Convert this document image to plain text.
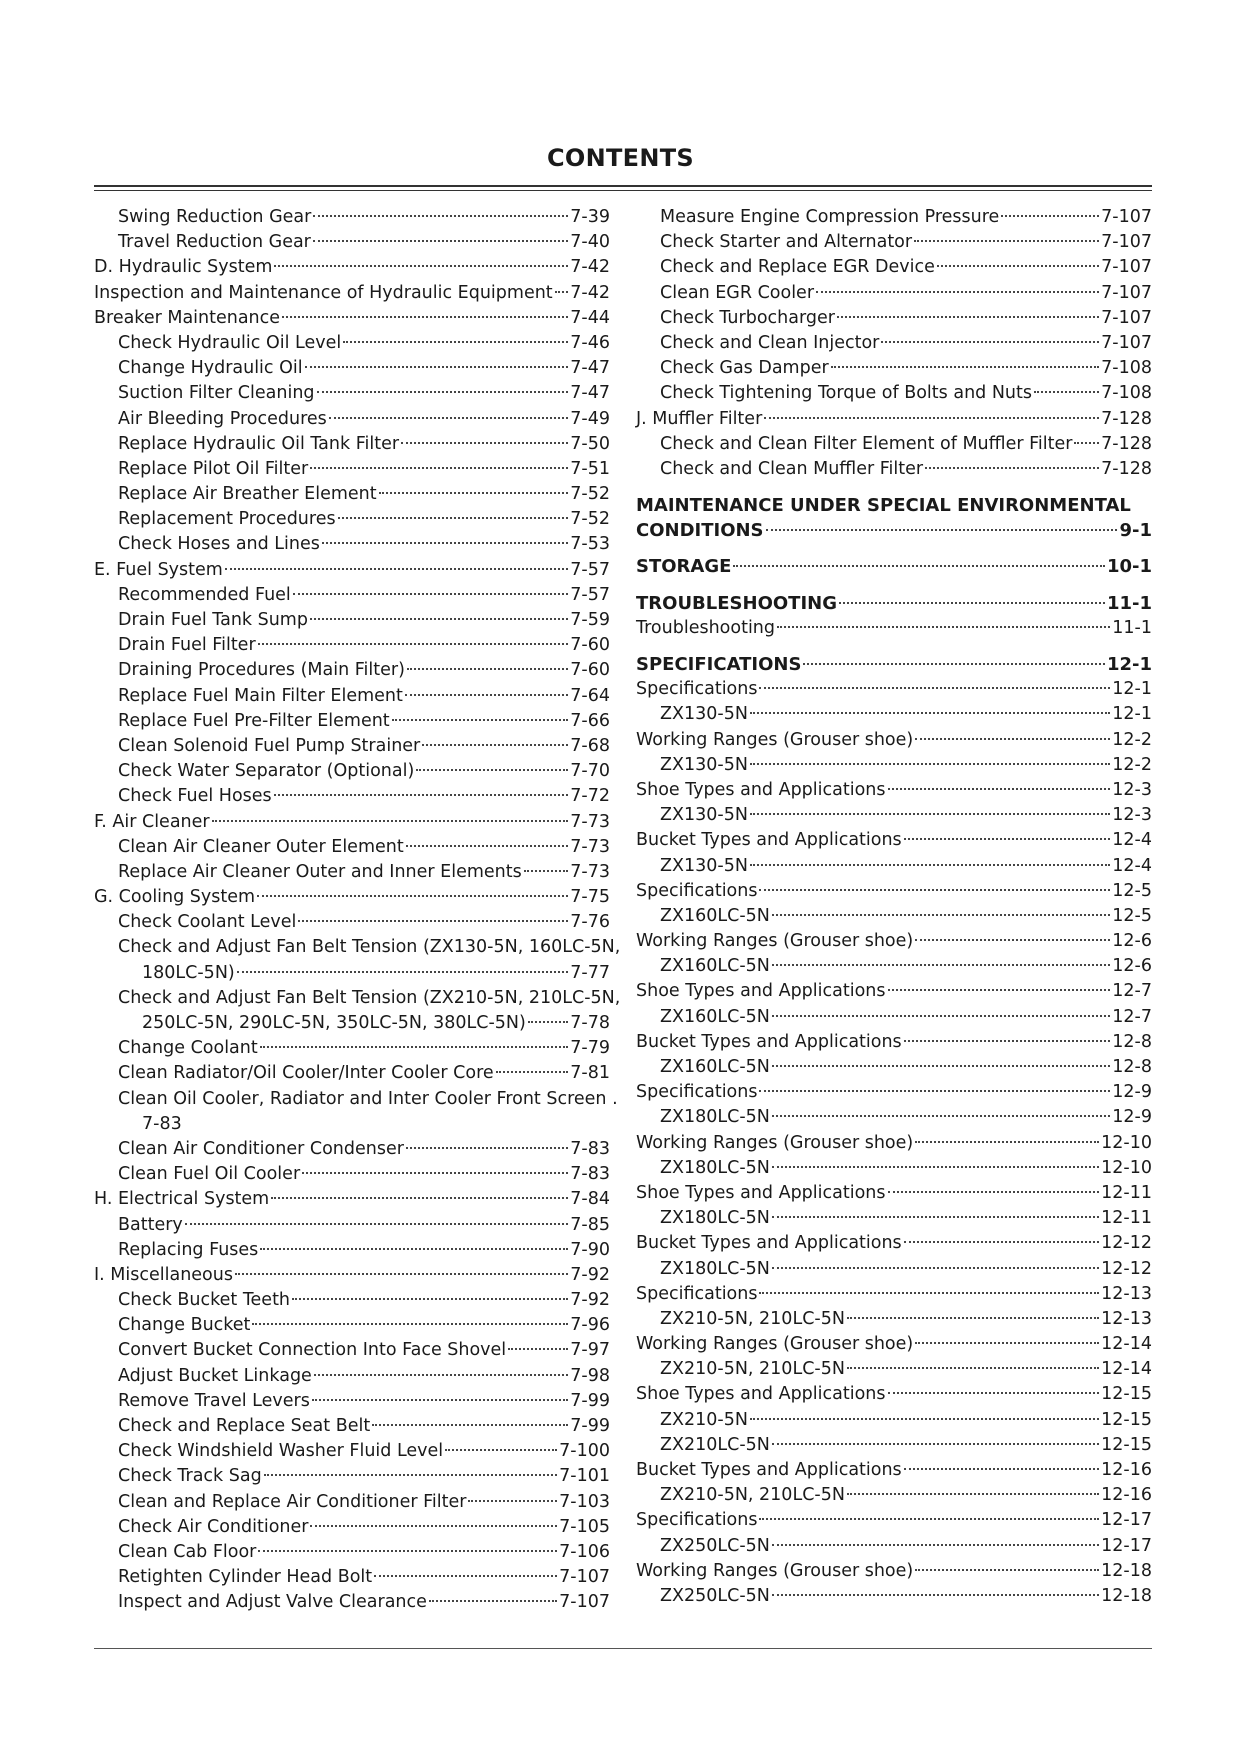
CONTENTS
Swing Reduction Gear	7-39
Travel Reduction Gear	7-40
D. Hydraulic System	7-42
Inspection and Maintenance of Hydraulic Equipment 7-42
Breaker Maintenance	7-44
Check Hydraulic Oil Level	7-46
Change Hydraulic Oil	7-47
Suction Filter Cleaning	7-47
Air Bleeding Procedures	7-49
Replace Hydraulic Oil Tank Filter	7-50
Replace Pilot Oil Filter	7-51
Replace Air Breather Element	7-52
Replacement Procedures	7-52
Check Hoses and Lines	7-53
E. Fuel System	7-57
Recommended Fuel	7-57
Drain Fuel Tank Sump	7-59
Drain Fuel Filter	7-60
Draining Procedures (Main Filter)	7-60
Replace Fuel Main Filter Element	7-64
Replace Fuel Pre-Filter Element	7-66
Clean Solenoid Fuel Pump Strainer	7-68
Check Water Separator (Optional)	7-70
Check Fuel Hoses	7-72
F. Air Cleaner	7-73
Clean Air Cleaner Outer Element	7-73
Replace Air Cleaner Outer and Inner Elements	7-73
G. Cooling System	7-75
Check Coolant Level	7-76
Check and Adjust Fan Belt Tension (ZX130-5N, 160LC-5N,
180LC-5N)	7-77
Check and Adjust Fan Belt Tension (ZX210-5N, 210LC-5N,
250LC-5N, 290LC-5N, 350LC-5N, 380LC-5N)	7-78
Change Coolant	7-79
Clean Radiator/Oil Cooler/Inter Cooler Core	7-81
Clean Oil Cooler, Radiator and Inter Cooler Front Screen .
7-83
Clean Air Conditioner Condenser	7-83
Clean Fuel Oil Cooler	7-83
H. Electrical System	7-84
Battery	7-85
Replacing Fuses	7-90
I. Miscellaneous	7-92
Check Bucket Teeth	7-92
Change Bucket	7-96
Convert Bucket Connection Into Face Shovel	7-97
Adjust Bucket Linkage	7-98
Remove Travel Levers	7-99
Check and Replace Seat Belt	7-99
Check Windshield Washer Fluid Level	7-100
Check Track Sag	7-101
Clean and Replace Air Conditioner Filter	7-103
Check Air Conditioner	7-105
Clean Cab Floor	7-106
Retighten Cylinder Head Bolt	7-107
Inspect and Adjust Valve Clearance	7-107
Measure Engine Compression Pressure	7-107
Check Starter and Alternator	7-107
Check and Replace EGR Device	7-107
Clean EGR Cooler	7-107
Check Turbocharger	7-107
Check and Clean Injector	7-107
Check Gas Damper	7-108
Check Tightening Torque of Bolts and Nuts	7-108
J. Muffler Filter	7-128
Check and Clean Filter Element of Muffler Filter 7-128
Check and Clean Muffler Filter	7-128
MAINTENANCE UNDER SPECIAL ENVIRONMENTAL
CONDITIONS	9-1
STORAGE	10-1
TROUBLESHOOTING	11-1
Troubleshooting	11-1
SPECIFICATIONS	12-1
Specifications	12-1
ZX130-5N	12-1
Working Ranges (Grouser shoe)	12-2
ZX130-5N	12-2
Shoe Types and Applications	12-3
ZX130-5N	12-3
Bucket Types and Applications	12-4
ZX130-5N	12-4
Specifications	12-5
ZX160LC-5N	12-5
Working Ranges (Grouser shoe)	12-6
ZX160LC-5N	12-6
Shoe Types and Applications	12-7
ZX160LC-5N	12-7
Bucket Types and Applications	12-8
ZX160LC-5N	12-8
Specifications	12-9
ZX180LC-5N	12-9
Working Ranges (Grouser shoe)	12-10
ZX180LC-5N	12-10
Shoe Types and Applications	12-11
ZX180LC-5N	12-11
Bucket Types and Applications	12-12
ZX180LC-5N	12-12
Specifications	12-13
ZX210-5N, 210LC-5N	12-13
Working Ranges (Grouser shoe)	12-14
ZX210-5N, 210LC-5N	12-14
Shoe Types and Applications	12-15
ZX210-5N	12-15
ZX210LC-5N	12-15
Bucket Types and Applications	12-16
ZX210-5N, 210LC-5N	12-16
Specifications	12-17
ZX250LC-5N	12-17
Working Ranges (Grouser shoe)	12-18
ZX250LC-5N	12-18
